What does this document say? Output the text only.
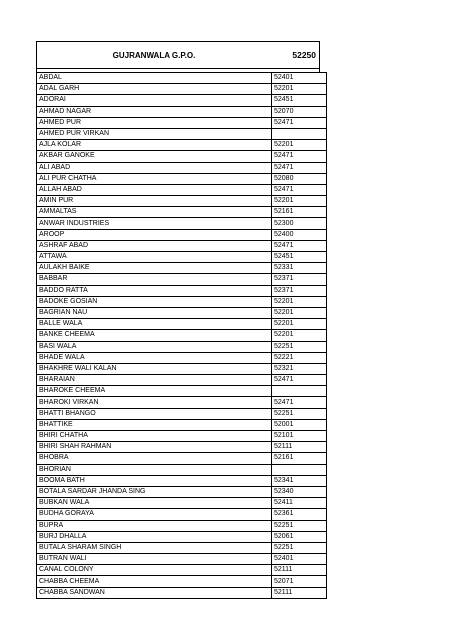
GUJRANWALA G.P.O.	52250
ABDAL	52401
ADAL GARH	52201
ADORAI	52451
AHMAD NAGAR	52070
AHMED PUR	52471
AHMED PUR VIRKAN	
AJLA KOLAR	52201
AKBAR GANOKE	52471
ALI ABAD	52471
ALI PUR CHATHA	52080
ALLAH ABAD	52471
AMIN PUR	52201
AMMALTAS	52161
ANWAR INDUSTRIES	52300
AROOP	52400
ASHRAF ABAD	52471
ATTAWA	52451
AULAKH BAIKE	52331
BABBAR	52371
BADDO RATTA	52371
BADOKE GOSIAN	52201
BAGRIAN NAU	52201
BALLE WALA	52201
BANKE CHEEMA	52201
BASI WALA	52251
BHADE WALA	52221
BHAKHRE WALI KALAN	52321
BHARAIAN	52471
BHAROKE CHEEMA	
BHAROKI VIRKAN	52471
BHATTI BHANGO	52251
BHATTIKE	52001
BHIRI CHATHA	52101
BHIRI SHAH RAHMAN	52111
BHOBRA	52161
BHORIAN	
BOOMA BATH	52341
BOTALA SARDAR JHANDA SING	52340
BUBKAN WALA	52411
BUDHA GORAYA	52361
BUPRA	52251
BURJ DHALLA	52061
BUTALA SHARAM SINGH	52251
BUTRAN WALI	52401
CANAL COLONY	52111
CHABBA CHEEMA	52071
CHABBA SANDWAN	52111
